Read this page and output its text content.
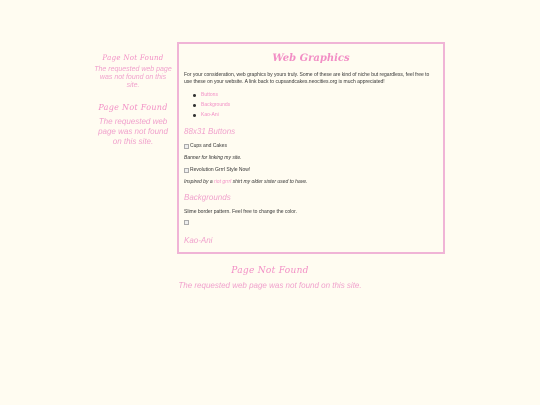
Page Not Found

The requested web page was not found on this site.

Page Not Found

The requested web page was not found on this site.

Web Graphics

For your consideration, web graphics by yours truly. Some of these are kind of niche but regardless, feel free to use these on your website. A link back to cupsandcakes.neocities.org is much appreciated!

Buttons
Backgrounds
Kao-Ani
88x31 Buttons
Cups and Cakes

Banner for linking my site.

Revolution Grrrl Style Now!

Inspired by a riot grrrl shirt my older sister used to have.

Backgrounds

Slime border pattern. Feel free to change the color.

Kao-Ani

Page Not Found

The requested web page was not found on this site.
